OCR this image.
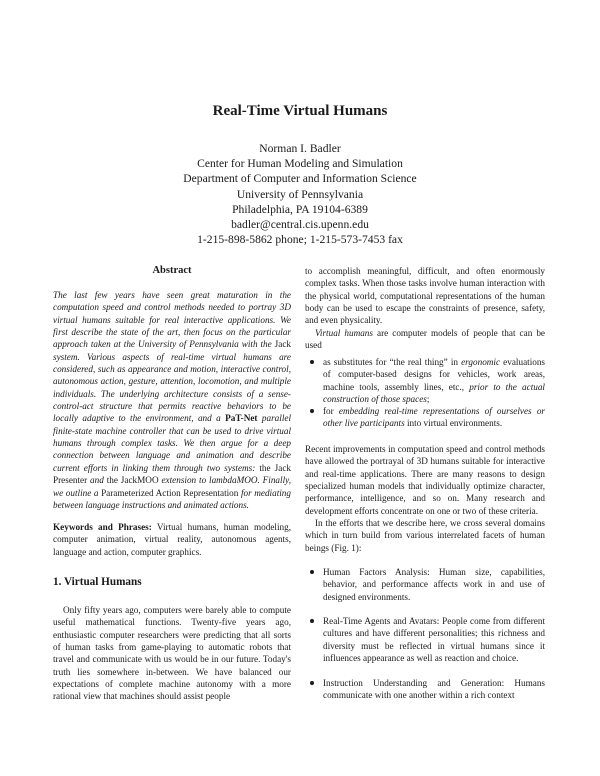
Real-Time Virtual Humans
Norman I. Badler
Center for Human Modeling and Simulation
Department of Computer and Information Science
University of Pennsylvania
Philadelphia, PA 19104-6389
badler@central.cis.upenn.edu
1-215-898-5862 phone; 1-215-573-7453 fax
Abstract
The last few years have seen great maturation in the computation speed and control methods needed to portray 3D virtual humans suitable for real interactive applications. We first describe the state of the art, then focus on the particular approach taken at the University of Pennsylvania with the Jack system. Various aspects of real-time virtual humans are considered, such as appearance and motion, interactive control, autonomous action, gesture, attention, locomotion, and multiple individuals. The underlying architecture consists of a sense-control-act structure that permits reactive behaviors to be locally adaptive to the environment, and a PaT-Net parallel finite-state machine controller that can be used to drive virtual humans through complex tasks. We then argue for a deep connection between language and animation and describe current efforts in linking them through two systems: the Jack Presenter and the JackMOO extension to lambdaMOO. Finally, we outline a Parameterized Action Representation for mediating between language instructions and animated actions.
Keywords and Phrases: Virtual humans, human modeling, computer animation, virtual reality, autonomous agents, language and action, computer graphics.
1. Virtual Humans

Only fifty years ago, computers were barely able to compute useful mathematical functions. Twenty-five years ago, enthusiastic computer researchers were predicting that all sorts of human tasks from game-playing to automatic robots that travel and communicate with us would be in our future. Today's truth lies somewhere in-between. We have balanced our expectations of complete machine autonomy with a more rational view that machines should assist people

to accomplish meaningful, difficult, and often enormously complex tasks. When those tasks involve human interaction with the physical world, computational representations of the human body can be used to escape the constraints of presence, safety, and even physicality.

Virtual humans are computer models of people that can be used

as substitutes for “the real thing” in ergonomic evaluations of computer-based designs for vehicles, work areas, machine tools, assembly lines, etc., prior to the actual construction of those spaces;
for embedding real-time representations of ourselves or other live participants into virtual environments.

Recent improvements in computation speed and control methods have allowed the portrayal of 3D humans suitable for interactive and real-time applications. There are many reasons to design specialized human models that individually optimize character, performance, intelligence, and so on. Many research and development efforts concentrate on one or two of these criteria.

In the efforts that we describe here, we cross several domains which in turn build from various interrelated facets of human beings (Fig. 1):

Human Factors Analysis: Human size, capabilities, behavior, and performance affects work in and use of designed environments.
Real-Time Agents and Avatars: People come from different cultures and have different personalities; this richness and diversity must be reflected in virtual humans since it influences appearance as well as reaction and choice.
Instruction Understanding and Generation: Humans communicate with one another within a rich context
